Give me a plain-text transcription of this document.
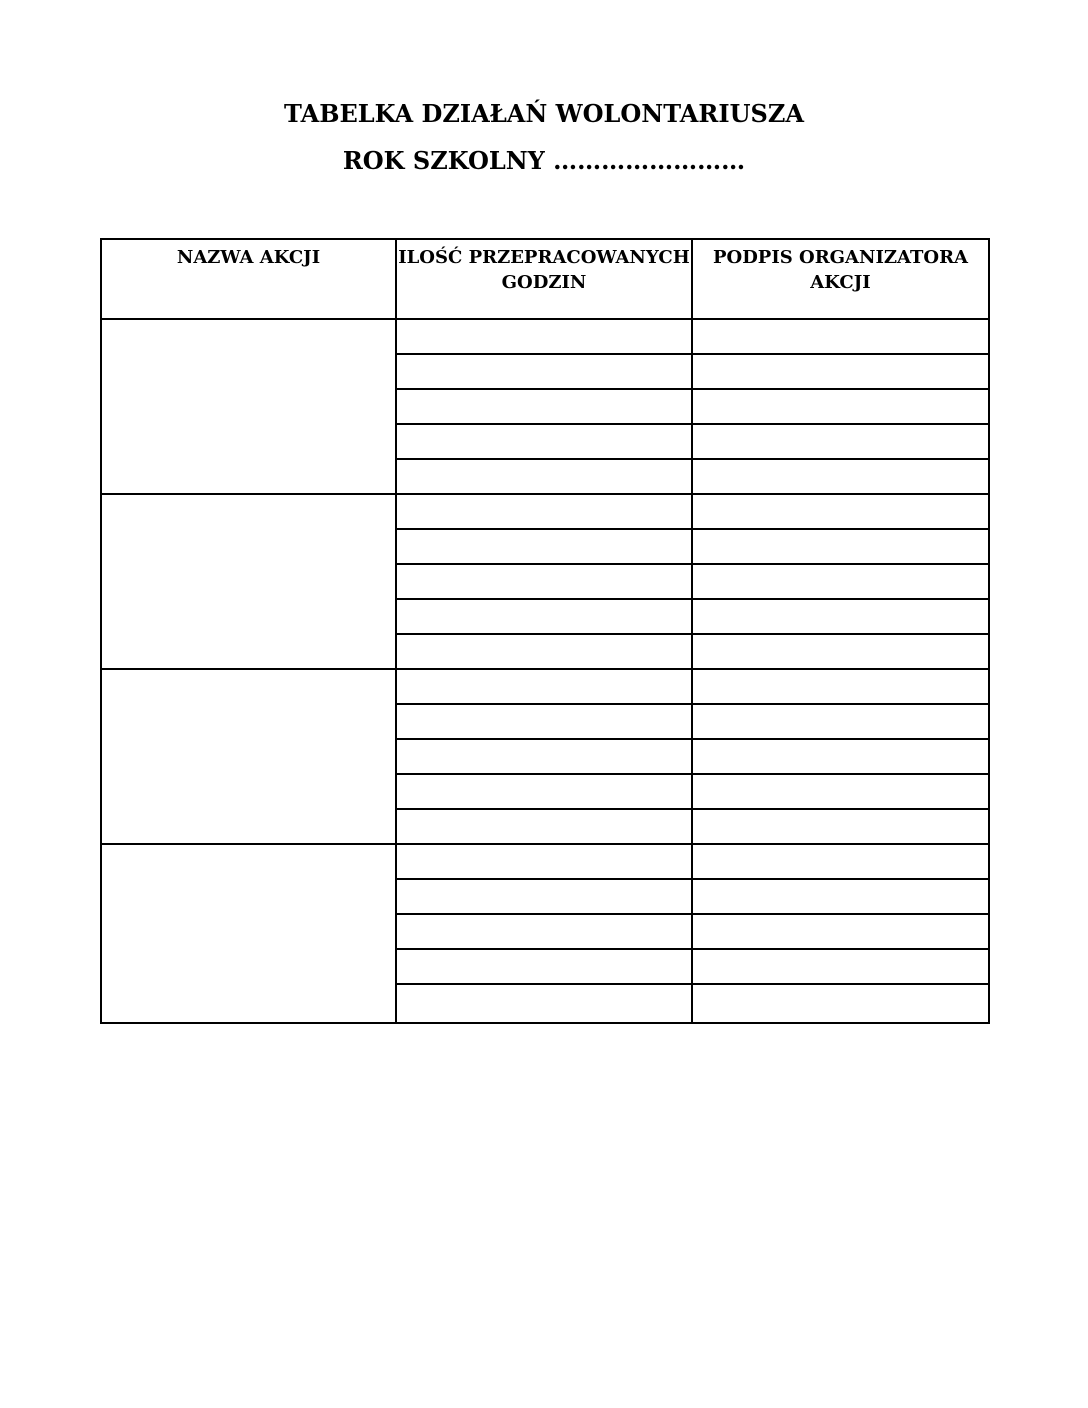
TABELKA DZIAŁAŃ WOLONTARIUSZA
ROK SZKOLNY ……………………
NAZWA AKCJI	ILOŚĆ PRZEPRACOWANYCH GODZIN	PODPIS ORGANIZATORA AKCJI
